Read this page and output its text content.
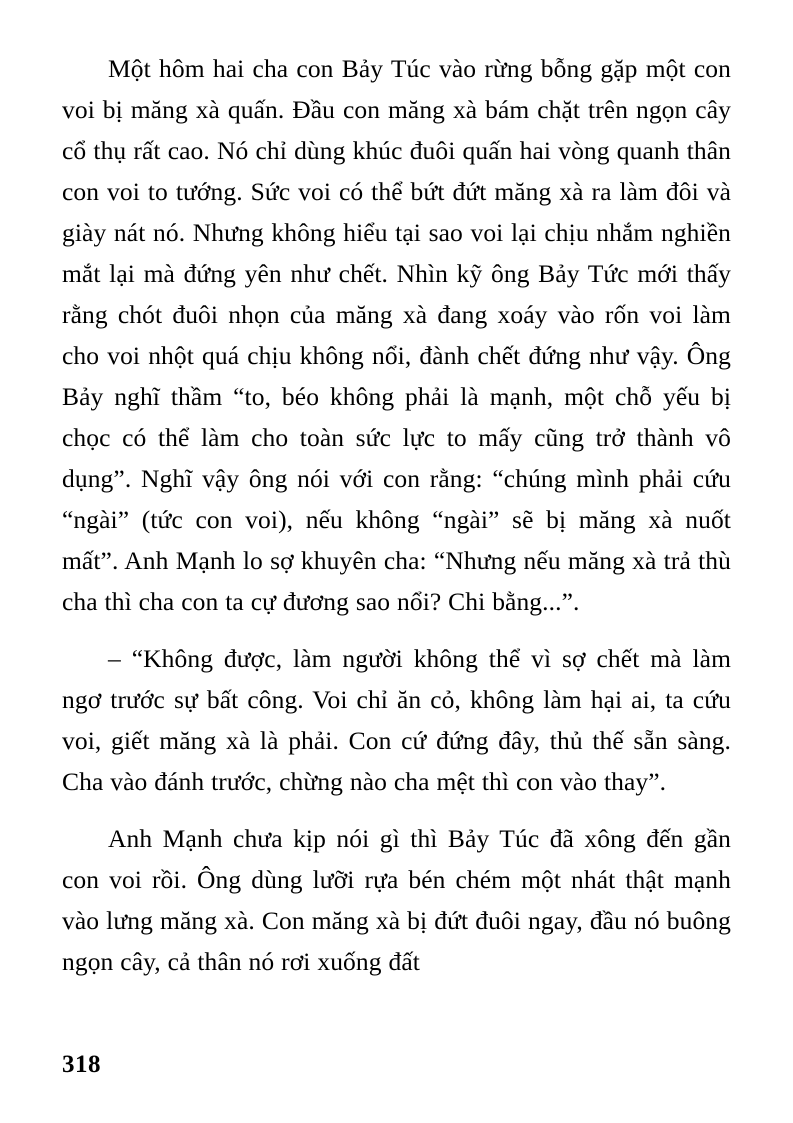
Một hôm hai cha con Bảy Túc vào rừng bỗng gặp một con voi bị măng xà quấn. Đầu con măng xà bám chặt trên ngọn cây cổ thụ rất cao. Nó chỉ dùng khúc đuôi quấn hai vòng quanh thân con voi to tướng. Sức voi có thể bứt đứt măng xà ra làm đôi và giày nát nó. Nhưng không hiểu tại sao voi lại chịu nhắm nghiền mắt lại mà đứng yên như chết. Nhìn kỹ ông Bảy Tức mới thấy rằng chót đuôi nhọn của măng xà đang xoáy vào rốn voi làm cho voi nhột quá chịu không nổi, đành chết đứng như vậy. Ông Bảy nghĩ thầm “to, béo không phải là mạnh, một chỗ yếu bị chọc có thể làm cho toàn sức lực to mấy cũng trở thành vô dụng”. Nghĩ vậy ông nói với con rằng: “chúng mình phải cứu “ngài” (tức con voi), nếu không “ngài” sẽ bị măng xà nuốt mất”. Anh Mạnh lo sợ khuyên cha: “Nhưng nếu măng xà trả thù cha thì cha con ta cự đương sao nổi? Chi bằng...”.

– “Không được, làm người không thể vì sợ chết mà làm ngơ trước sự bất công. Voi chỉ ăn cỏ, không làm hại ai, ta cứu voi, giết măng xà là phải. Con cứ đứng đây, thủ thế sẵn sàng. Cha vào đánh trước, chừng nào cha mệt thì con vào thay”.

Anh Mạnh chưa kịp nói gì thì Bảy Túc đã xông đến gần con voi rồi. Ông dùng lưỡi rựa bén chém một nhát thật mạnh vào lưng măng xà. Con măng xà bị đứt đuôi ngay, đầu nó buông ngọn cây, cả thân nó rơi xuống đất

318
